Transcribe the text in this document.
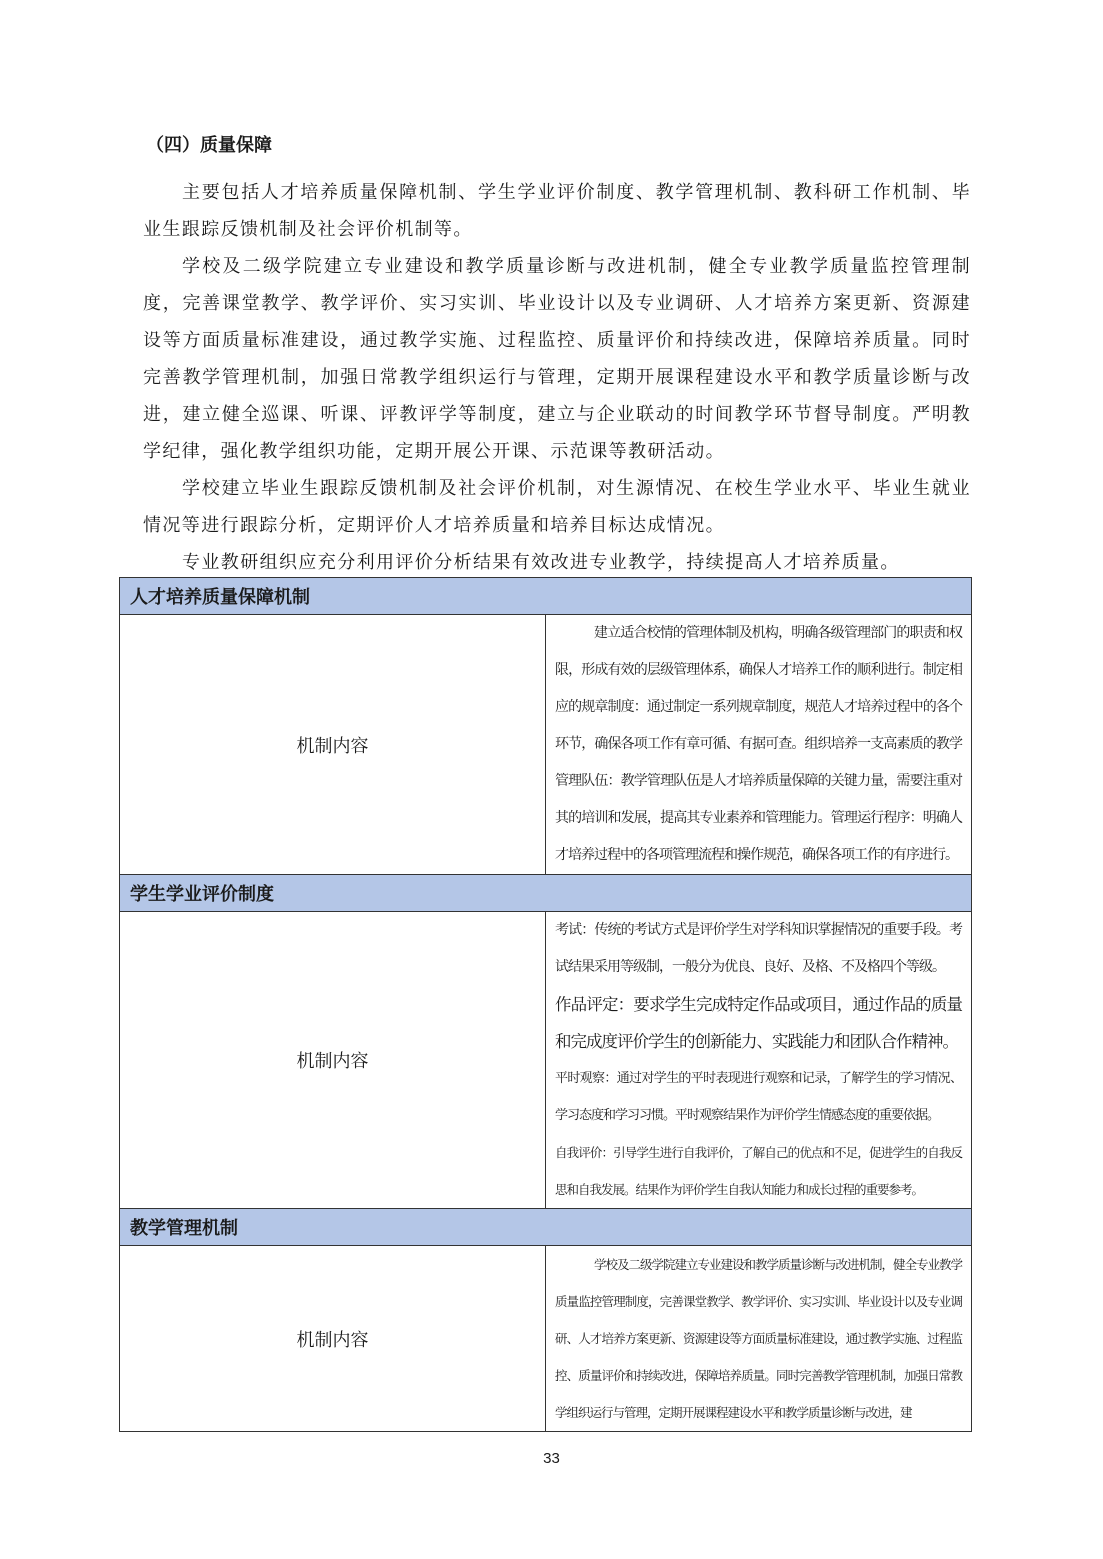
（四）质量保障

主要包括人才培养质量保障机制、学生学业评价制度、教学管理机制、教科研工作机制、毕业生跟踪反馈机制及社会评价机制等。

学校及二级学院建立专业建设和教学质量诊断与改进机制，健全专业教学质量监控管理制度，完善课堂教学、教学评价、实习实训、毕业设计以及专业调研、人才培养方案更新、资源建设等方面质量标准建设，通过教学实施、过程监控、质量评价和持续改进，保障培养质量。同时完善教学管理机制，加强日常教学组织运行与管理，定期开展课程建设水平和教学质量诊断与改进，建立健全巡课、听课、评教评学等制度，建立与企业联动的时间教学环节督导制度。严明教学纪律，强化教学组织功能，定期开展公开课、示范课等教研活动。

学校建立毕业生跟踪反馈机制及社会评价机制，对生源情况、在校生学业水平、毕业生就业情况等进行跟踪分析，定期评价人才培养质量和培养目标达成情况。

专业教研组织应充分利用评价分析结果有效改进专业教学，持续提高人才培养质量。

人才培养质量保障机制	
机制内容	建立适合校情的管理体制及机构，明确各级管理部门的职责和权限，形成有效的层级管理体系，确保人才培养工作的顺利进行。制定相应的规章制度：通过制定一系列规章制度，规范人才培养过程中的各个环节，确保各项工作有章可循、有据可查。组织培养一支高素质的教学管理队伍：教学管理队伍是人才培养质量保障的关键力量，需要注重对其的培训和发展，提高其专业素养和管理能力。管理运行程序：明确人才培养过程中的各项管理流程和操作规范，确保各项工作的有序进行。

学生学业评价制度	
机制内容	考试：传统的考试方式是评价学生对学科知识掌握情况的重要手段。考试结果采用等级制，一般分为优良、良好、及格、不及格四个等级。

作品评定：要求学生完成特定作品或项目，通过作品的质量和完成度评价学生的创新能力、实践能力和团队合作精神。

平时观察：通过对学生的平时表现进行观察和记录，了解学生的学习情况、学习态度和学习习惯。平时观察结果作为评价学生情感态度的重要依据。

自我评价：引导学生进行自我评价，了解自己的优点和不足，促进学生的自我反思和自我发展。结果作为评价学生自我认知能力和成长过程的重要参考。

教学管理机制	
机制内容	学校及二级学院建立专业建设和教学质量诊断与改进机制，健全专业教学质量监控管理制度，完善课堂教学、教学评价、实习实训、毕业设计以及专业调研、人才培养方案更新、资源建设等方面质量标准建设，通过教学实施、过程监控、质量评价和持续改进，保障培养质量。同时完善教学管理机制，加强日常教学组织运行与管理，定期开展课程建设水平和教学质量诊断与改进，建

33
